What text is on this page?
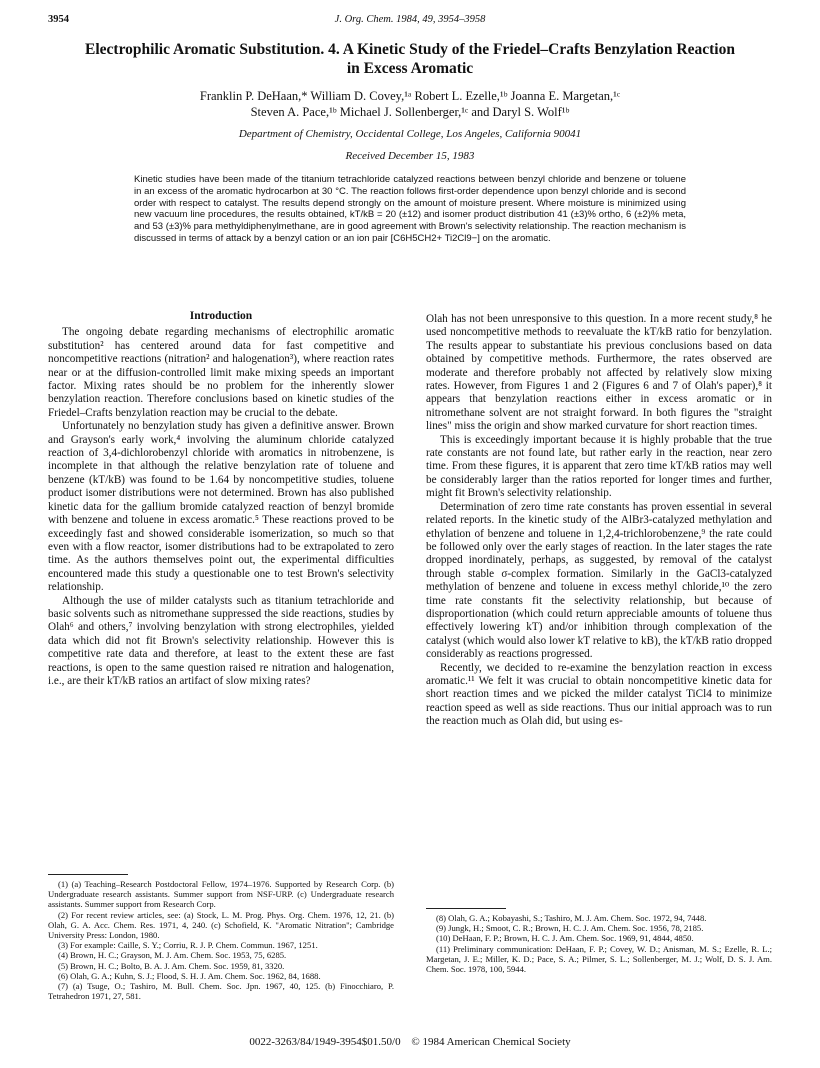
3954	J. Org. Chem. 1984, 49, 3954–3958
Electrophilic Aromatic Substitution. 4. A Kinetic Study of the Friedel–Crafts Benzylation Reaction in Excess Aromatic
Franklin P. DeHaan,* William D. Covey,¹ᵃ Robert L. Ezelle,¹ᵇ Joanna E. Margetan,¹ᶜ
Steven A. Pace,¹ᵇ Michael J. Sollenberger,¹ᶜ and Daryl S. Wolf¹ᵇ
Department of Chemistry, Occidental College, Los Angeles, California 90041
Received December 15, 1983
Kinetic studies have been made of the titanium tetrachloride catalyzed reactions between benzyl chloride and benzene or toluene in an excess of the aromatic hydrocarbon at 30 °C. The reaction follows first-order dependence upon benzyl chloride and is second order with respect to catalyst. The results depend strongly on the amount of moisture present. Where moisture is minimized using new vacuum line procedures, the results obtained, kT/kB = 20 (±12) and isomer product distribution 41 (±3)% ortho, 6 (±2)% meta, and 53 (±3)% para methyldiphenylmethane, are in good agreement with Brown's selectivity relationship. The reaction mechanism is discussed in terms of attack by a benzyl cation or an ion pair [C6H5CH2+ Ti2Cl9−] on the aromatic.
Introduction

The ongoing debate regarding mechanisms of electrophilic aromatic substitution² has centered around data for fast competitive and noncompetitive reactions (nitration² and halogenation³), where reaction rates near or at the diffusion-controlled limit make mixing speeds an important factor. Mixing rates should be no problem for the inherently slower benzylation reaction. Therefore conclusions based on kinetic studies of the Friedel–Crafts benzylation reaction may be crucial to the debate.

Unfortunately no benzylation study has given a definitive answer. Brown and Grayson's early work,⁴ involving the aluminum chloride catalyzed reaction of 3,4-dichlorobenzyl chloride with aromatics in nitrobenzene, is incomplete in that although the relative benzylation rate of toluene and benzene (kT/kB) was found to be 1.64 by noncompetitive studies, toluene product isomer distributions were not determined. Brown has also published kinetic data for the gallium bromide catalyzed reaction of benzyl bromide with benzene and toluene in excess aromatic.⁵ These reactions proved to be exceedingly fast and showed considerable isomerization, so much so that even with a flow reactor, isomer distributions had to be extrapolated to zero time. As the authors themselves point out, the experimental difficulties encountered made this study a questionable one to test Brown's selectivity relationship.

Although the use of milder catalysts such as titanium tetrachloride and basic solvents such as nitromethane suppressed the side reactions, studies by Olah⁶ and others,⁷ involving benzylation with strong electrophiles, yielded data which did not fit Brown's selectivity relationship. However this is competitive rate data and therefore, at least to the extent these are fast reactions, is open to the same question raised re nitration and halogenation, i.e., are their kT/kB ratios an artifact of slow mixing rates?

(1) (a) Teaching–Research Postdoctoral Fellow, 1974–1976. Supported by Research Corp. (b) Undergraduate research assistants. Summer support from NSF-URP. (c) Undergraduate research assistants. Summer support from Research Corp.
(2) For recent review articles, see: (a) Stock, L. M. Prog. Phys. Org. Chem. 1976, 12, 21. (b) Olah, G. A. Acc. Chem. Res. 1971, 4, 240. (c) Schofield, K. "Aromatic Nitration"; Cambridge University Press: London, 1980.
(3) For example: Caille, S. Y.; Corriu, R. J. P. Chem. Commun. 1967, 1251.
(4) Brown, H. C.; Grayson, M. J. Am. Chem. Soc. 1953, 75, 6285.
(5) Brown, H. C.; Bolto, B. A. J. Am. Chem. Soc. 1959, 81, 3320.
(6) Olah, G. A.; Kuhn, S. J.; Flood, S. H. J. Am. Chem. Soc. 1962, 84, 1688.
(7) (a) Tsuge, O.; Tashiro, M. Bull. Chem. Soc. Jpn. 1967, 40, 125. (b) Finocchiaro, P. Tetrahedron 1971, 27, 581.

Olah has not been unresponsive to this question. In a more recent study,⁸ he used noncompetitive methods to reevaluate the kT/kB ratio for benzylation. The results appear to substantiate his previous conclusions based on data obtained by competitive methods. Furthermore, the rates observed are moderate and therefore probably not affected by relatively slow mixing rates. However, from Figures 1 and 2 (Figures 6 and 7 of Olah's paper),⁸ it appears that benzylation reactions either in excess aromatic or in nitromethane solvent are not straight forward. In both figures the "straight lines" miss the origin and show marked curvature for short reaction times.

This is exceedingly important because it is highly probable that the true rate constants are not found late, but rather early in the reaction, near zero time. From these figures, it is apparent that zero time kT/kB ratios may well be considerably larger than the ratios reported for longer times and further, might fit Brown's selectivity relationship.

Determination of zero time rate constants has proven essential in several related reports. In the kinetic study of the AlBr3-catalyzed methylation and ethylation of benzene and toluene in 1,2,4-trichlorobenzene,⁹ the rate could be followed only over the early stages of reaction. In the later stages the rate dropped inordinately, perhaps, as suggested, by removal of the catalyst through stable σ-complex formation. Similarly in the GaCl3-catalyzed methylation of benzene and toluene in excess methyl chloride,¹⁰ the zero time rate constants fit the selectivity relationship, but because of disproportionation (which could return appreciable amounts of toluene thus effectively lowering kT) and/or inhibition through complexation of the catalyst (which would also lower kT relative to kB), the kT/kB ratio dropped considerably as reactions progressed.

Recently, we decided to re-examine the benzylation reaction in excess aromatic.¹¹ We felt it was crucial to obtain noncompetitive kinetic data for short reaction times and we picked the milder catalyst TiCl4 to minimize reaction speed as well as side reactions. Thus our initial approach was to run the reaction much as Olah did, but using es-

(8) Olah, G. A.; Kobayashi, S.; Tashiro, M. J. Am. Chem. Soc. 1972, 94, 7448.
(9) Jungk, H.; Smoot, C. R.; Brown, H. C. J. Am. Chem. Soc. 1956, 78, 2185.
(10) DeHaan, F. P.; Brown, H. C. J. Am. Chem. Soc. 1969, 91, 4844, 4850.
(11) Preliminary communication: DeHaan, F. P.; Covey, W. D.; Anisman, M. S.; Ezelle, R. L.; Margetan, J. E.; Miller, K. D.; Pace, S. A.; Pilmer, S. L.; Sollenberger, M. J.; Wolf, D. S. J. Am. Chem. Soc. 1978, 100, 5944.
0022-3263/84/1949-3954$01.50/0 © 1984 American Chemical Society
